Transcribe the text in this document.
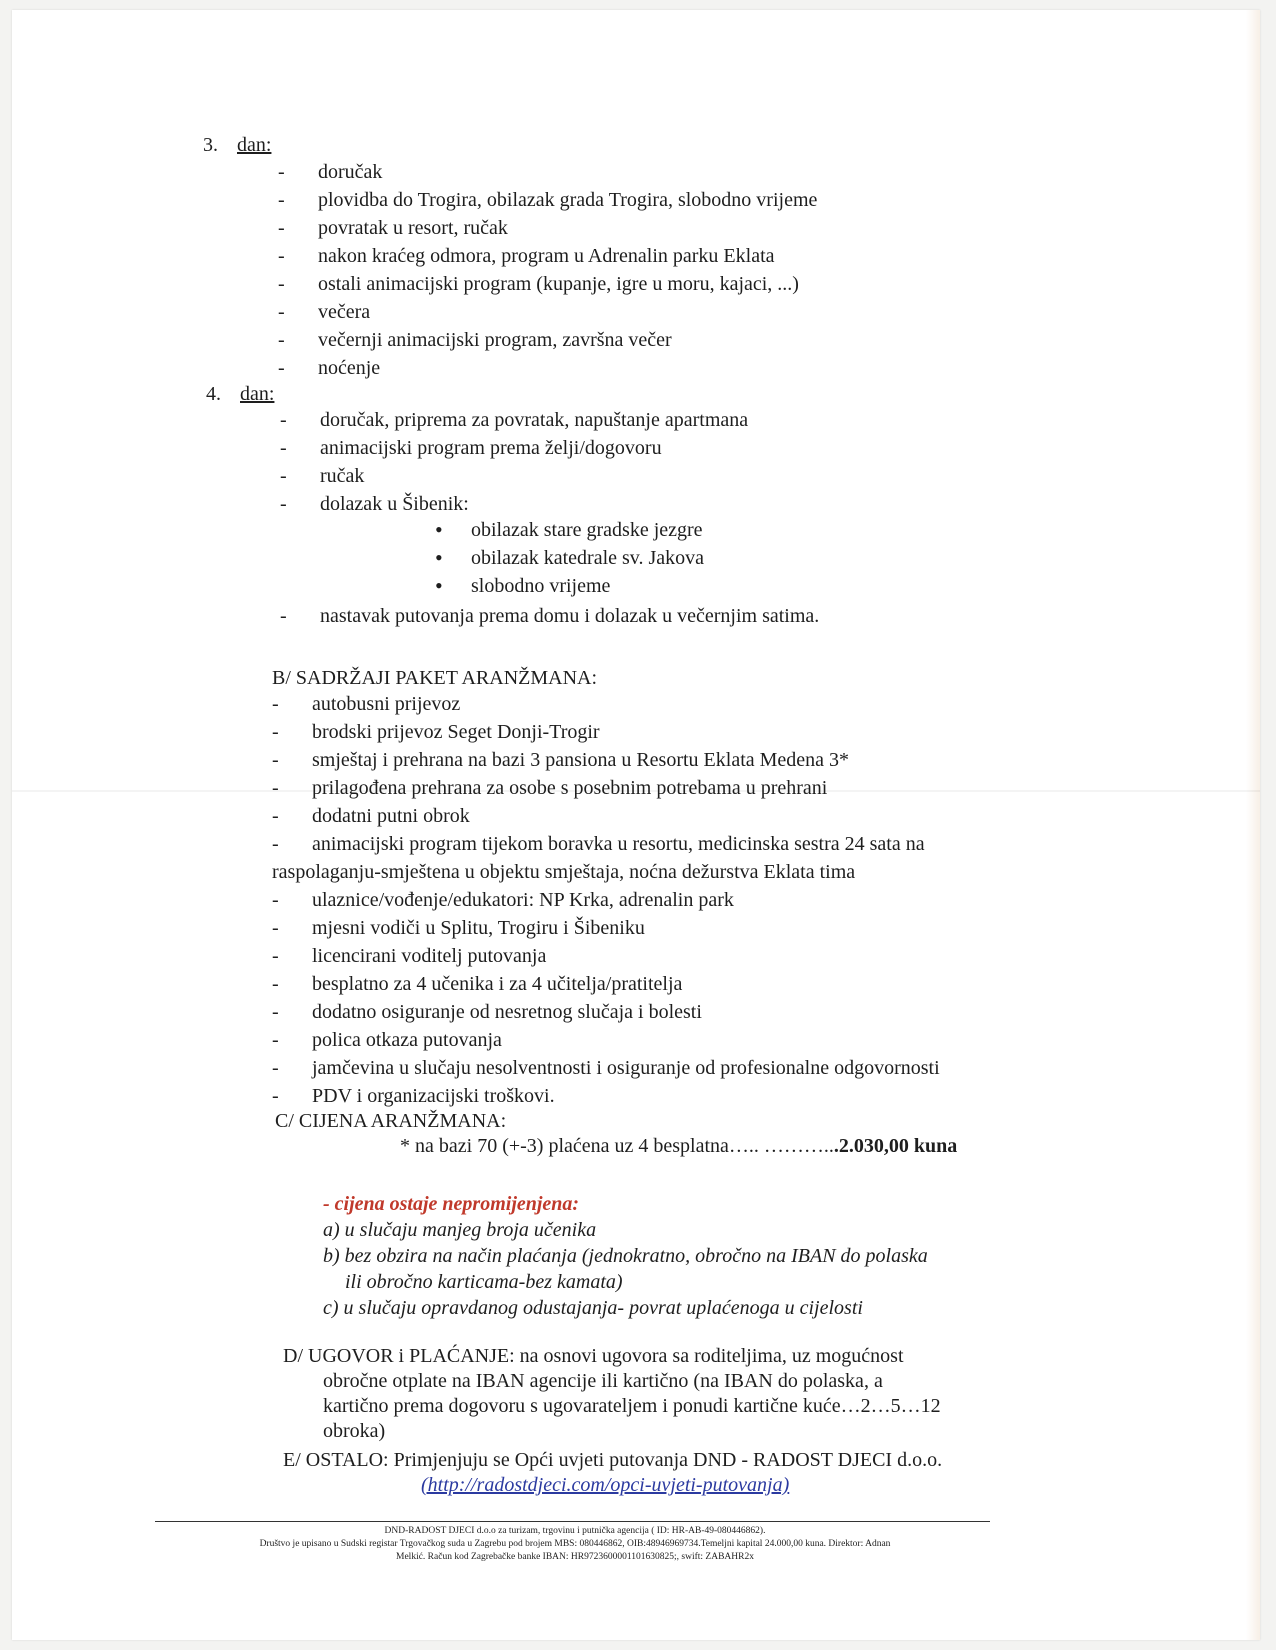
3. dan:
- doručak
- plovidba do Trogira, obilazak grada Trogira, slobodno vrijeme
- povratak u resort, ručak
- nakon kraćeg odmora, program u Adrenalin parku Eklata
- ostali animacijski program (kupanje, igre u moru, kajaci, ...)
- večera
- večernji animacijski program, završna večer
- noćenje
4. dan:
- doručak, pripremа za povratak, napuštanje apartmana
- animacijski program prema želji/dogovoru
- ručak
- dolazak u Šibenik:
• obilazak stare gradske jezgre
• obilazak katedrale sv. Jakova
• slobodno vrijeme
- nastavak putovanja prema domu i dolazak u večernjim satima.
B/ SADRŽAJI PAKET ARANŽMANA:
- autobusni prijevoz
- brodski prijevoz Seget Donji-Trogir
- smještaj i prehrana na bazi 3 pansiona u Resortu Eklata Medena 3*
- prilagođena prehrana za osobe s posebnim potrebama u prehrani
- dodatni putni obrok
- animacijski program tijekom boravka u resortu, medicinska sestra 24 sata na
raspolaganju-smještena u objektu smještaja, noćna dežurstva Eklata tima
- ulaznice/vođenje/edukatori: NP Krka, adrenalin park
- mjesni vodiči u Splitu, Trogiru i Šibeniku
- licencirani voditelj putovanja
- besplatno za 4 učenika i za 4 učitelja/pratitelja
- dodatno osiguranje od nesretnog slučaja i bolesti
- polica otkaza putovanja
- jamčevina u slučaju nesolventnosti i osiguranje od profesionalne odgovornosti
- PDV i organizacijski troškovi.
C/ CIJENA ARANŽMANA:
* na bazi 70 (+-3) plaćena uz 4 besplatna….. ………...2.030,00 kuna

- cijena ostaje nepromijenjena:

a) u slučaju manjeg broja učenika

b) bez obzira na način plaćanja (jednokratno, obročno na IBAN do polaska

ili obročno karticama-bez kamata)

c) u slučaju opravdanog odustajanja- povrat uplaćenoga u cijelosti

D/ UGOVOR i PLAĆANJE: na osnovi ugovora sa roditeljima, uz mogućnost
obročne otplate na IBAN agencije ili kartično (na IBAN do polaska, a
kartično prema dogovoru s ugovarateljem i ponudi kartične kuće…2…5…12
obroka)
E/ OSTALO: Primjenjuju se Opći uvjeti putovanja DND - RADOST DJECI d.o.o.
(http://radostdjeci.com/opci-uvjeti-putovanja)

DND-RADOST DJECI d.o.o za turizam, trgovinu i putnička agencija ( ID: HR-AB-49-080446862).

Društvo je upisano u Sudski registar Trgovačkog suda u Zagrebu pod brojem MBS: 080446862, OIB:48946969734.Temeljni kapital 24.000,00 kuna. Direktor: Adnan

Melkić. Račun kod Zagrebačke banke IBAN: HR9723600001101630825;, swift: ZABAHR2x
